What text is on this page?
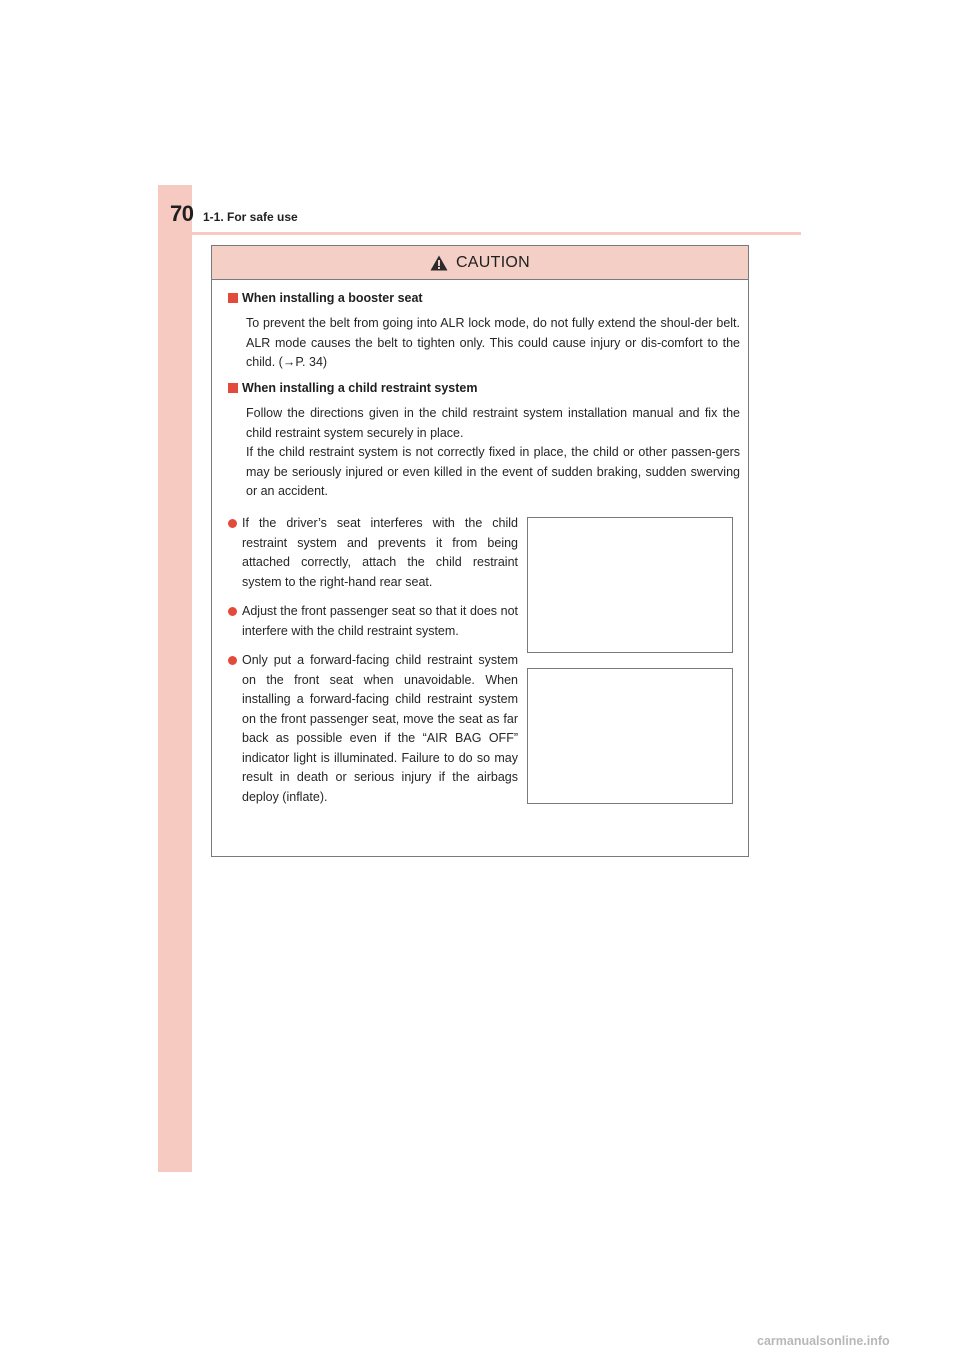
70 1-1. For safe use
CAUTION
When installing a booster seat
To prevent the belt from going into ALR lock mode, do not fully extend the shoul-der belt. ALR mode causes the belt to tighten only. This could cause injury or dis-comfort to the child. (→P. 34)
When installing a child restraint system
Follow the directions given in the child restraint system installation manual and fix the child restraint system securely in place.
If the child restraint system is not correctly fixed in place, the child or other passen-gers may be seriously injured or even killed in the event of sudden braking, sudden swerving or an accident.
If the driver’s seat interferes with the child restraint system and prevents it from being attached correctly, attach the child restraint system to the right-hand rear seat.
Adjust the front passenger seat so that it does not interfere with the child restraint system.
Only put a forward-facing child restraint system on the front seat when unavoidable. When installing a forward-facing child restraint system on the front passenger seat, move the seat as far back as possible even if the “AIR BAG OFF” indicator light is illuminated. Failure to do so may result in death or serious injury if the airbags deploy (inflate).
carmanualsonline.info
